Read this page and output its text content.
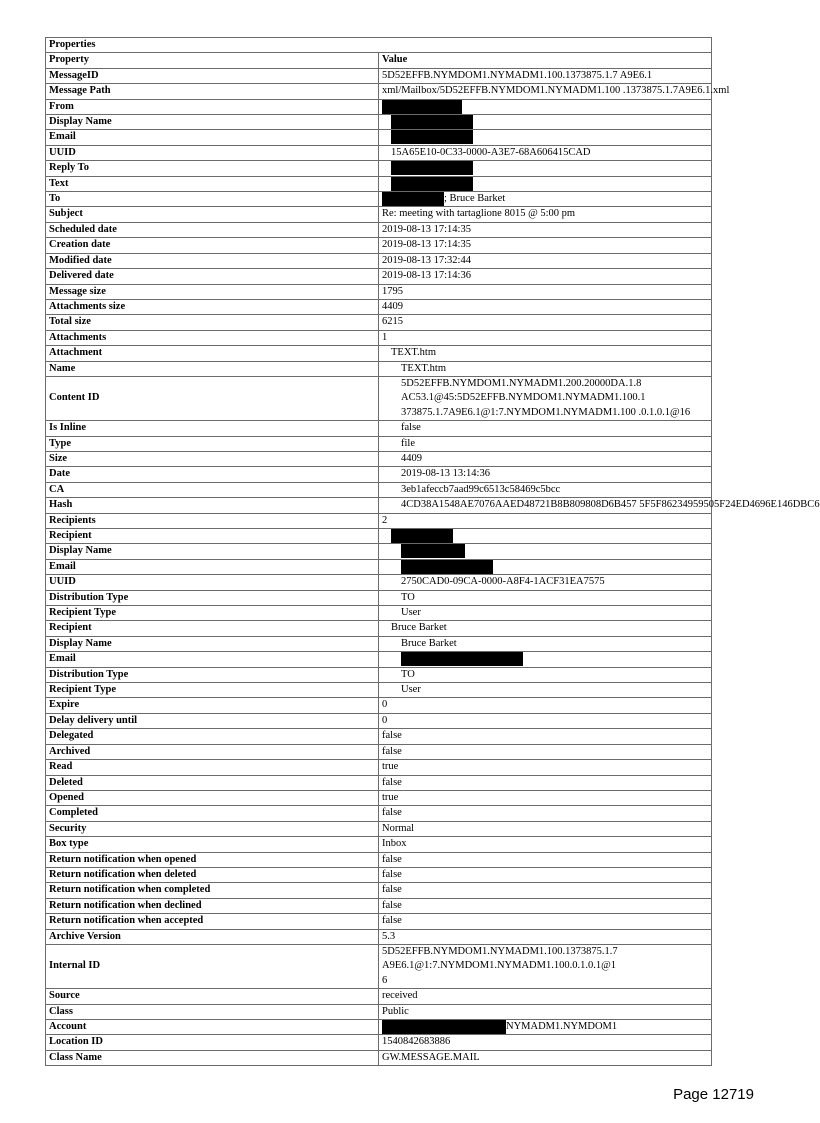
Properties	
Property	Value
MessageID	5D52EFFB.NYMDOM1.NYMADM1.100.1373875.1.7 A9E6.1
Message Path	xml/Mailbox/5D52EFFB.NYMDOM1.NYMADM1.100 .1373875.1.7A9E6.1.xml
From	
Display Name	
Email	
UUID	15A65E10-0C33-0000-A3E7-68A606415CAD
Reply To	
Text	
To	; Bruce Barket
Subject	Re: meeting with tartaglione 8015 @ 5:00 pm
Scheduled date	2019-08-13 17:14:35
Creation date	2019-08-13 17:14:35
Modified date	2019-08-13 17:32:44
Delivered date	2019-08-13 17:14:36
Message size	1795
Attachments size	4409
Total size	6215
Attachments	1
Attachment	TEXT.htm
Name	TEXT.htm
Content ID	5D52EFFB.NYMDOM1.NYMADM1.200.20000DA.1.8
AC53.1@45:5D52EFFB.NYMDOM1.NYMADM1.100.1
373875.1.7A9E6.1@1:7.NYMDOM1.NYMADM1.100 .0.1.0.1@16
Is Inline	false
Type	file
Size	4409
Date	2019-08-13 13:14:36
CA	3eb1afeccb7aad99c6513c58469c5bcc
Hash	4CD38A1548AE7076AAED48721B8B809808D6B457 5F5F86234959505F24ED4696E146DBC6
Recipients	2
Recipient	
Display Name	
Email	
UUID	2750CAD0-09CA-0000-A8F4-1ACF31EA7575
Distribution Type	TO
Recipient Type	User
Recipient	Bruce Barket
Display Name	Bruce Barket
Email	
Distribution Type	TO
Recipient Type	User
Expire	0
Delay delivery until	0
Delegated	false
Archived	false
Read	true
Deleted	false
Opened	true
Completed	false
Security	Normal
Box type	Inbox
Return notification when opened	false
Return notification when deleted	false
Return notification when completed	false
Return notification when declined	false
Return notification when accepted	false
Archive Version	5.3
Internal ID	5D52EFFB.NYMDOM1.NYMADM1.100.1373875.1.7 A9E6.1@1:7.NYMDOM1.NYMADM1.100.0.1.0.1@1
6
Source	received
Class	Public
Account	NYMADM1.NYMDOM1
Location ID	1540842683886
Class Name	GW.MESSAGE.MAIL
Page 12719
